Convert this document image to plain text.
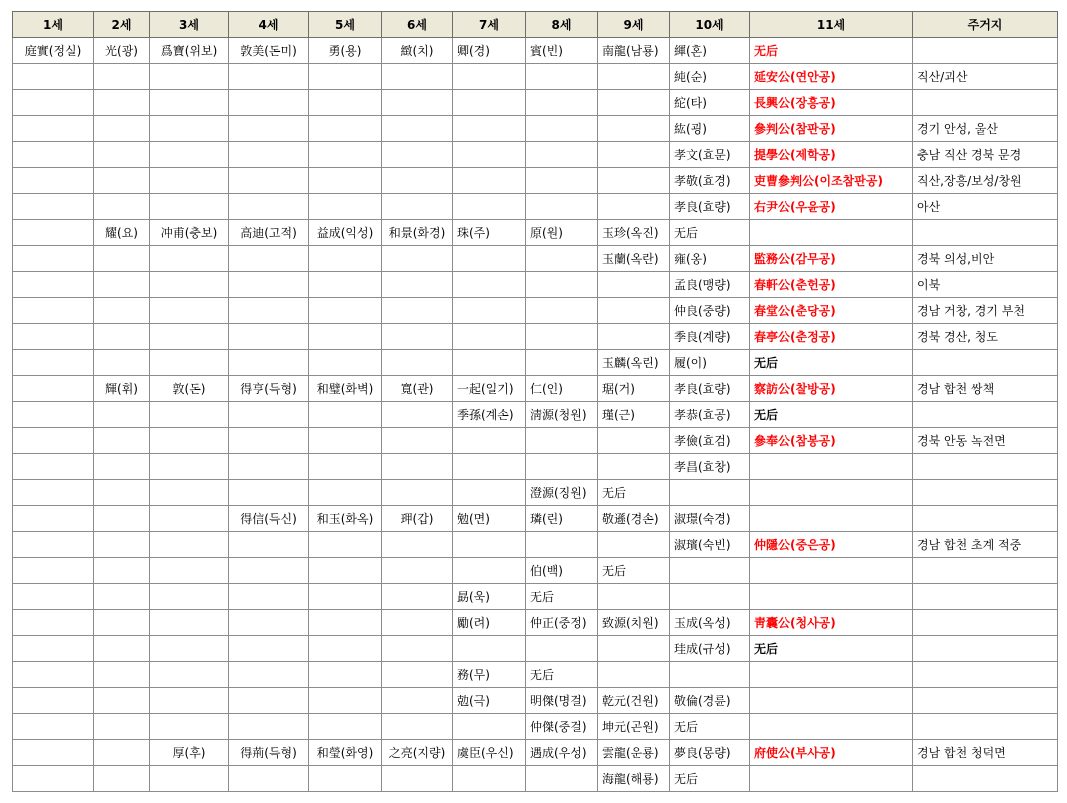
1세	2세	3세	4세	5세	6세	7세	8세	9세	10세	11세	주거지
庭實(정실)	光(광)	爲寶(위보)	敦美(돈미)	勇(용)	緻(치)	卿(경)	賓(빈)	南龍(남룡)	緷(혼)	无后	
									純(순)	延安公(연안공)	직산/괴산
									紽(타)	長興公(장흥공)	
									紘(굉)	參判公(참판공)	경기 안성, 울산
									孝文(효문)	提學公(제학공)	충남 직산 경북 문경
									孝敬(효경)	吏曹參判公(이조참판공)	직산,장흥/보성/창원
									孝良(효량)	右尹公(우윤공)	아산
	耀(요)	冲甫(충보)	高迪(고적)	益成(익성)	和景(화경)	珠(주)	原(원)	玉珍(옥진)	无后		
								玉蘭(옥란)	雍(옹)	監務公(감무공)	경북 의성,비안
									孟良(맹량)	春軒公(춘헌공)	이북
									仲良(중량)	春堂公(춘당공)	경남 거창, 경기 부천
									季良(계량)	春亭公(춘정공)	경북 경산, 청도
								玉麟(옥린)	履(이)	无后	
	輝(휘)	敦(돈)	得亨(득형)	和璧(화벽)	寬(관)	一起(일기)	仁(인)	琚(거)	孝良(효량)	察訪公(찰방공)	경남 합천 쌍책
						季孫(계손)	淸源(청원)	瑾(근)	孝恭(효공)	无后	
									孝儉(효검)	參奉公(참봉공)	경북 안동 녹전면
									孝昌(효창)		
							澄源(징원)	无后			
			得信(득신)	和玉(화옥)	玾(갑)	勉(면)	璘(린)	敬遜(경손)	淑璟(숙경)		
									淑璸(숙빈)	仲隱公(중은공)	경남 합천 초계 적중
							伯(백)	无后			
						勗(욱)	无后				
						勵(려)	仲正(중정)	致源(치원)	玉成(옥성)	靑囊公(청사공)	
									珪成(규성)	无后	
						務(무)	无后				
						勊(극)	明傑(명걸)	乾元(건원)	敬倫(경륜)		
							仲傑(중걸)	坤元(곤원)	无后		
		厚(후)	得荊(득형)	和瑩(화영)	之亮(지량)	虞臣(우신)	遇成(우성)	雲龍(운룡)	夢良(몽량)	府使公(부사공)	경남 합천 청덕면
								海龍(해룡)	无后		
